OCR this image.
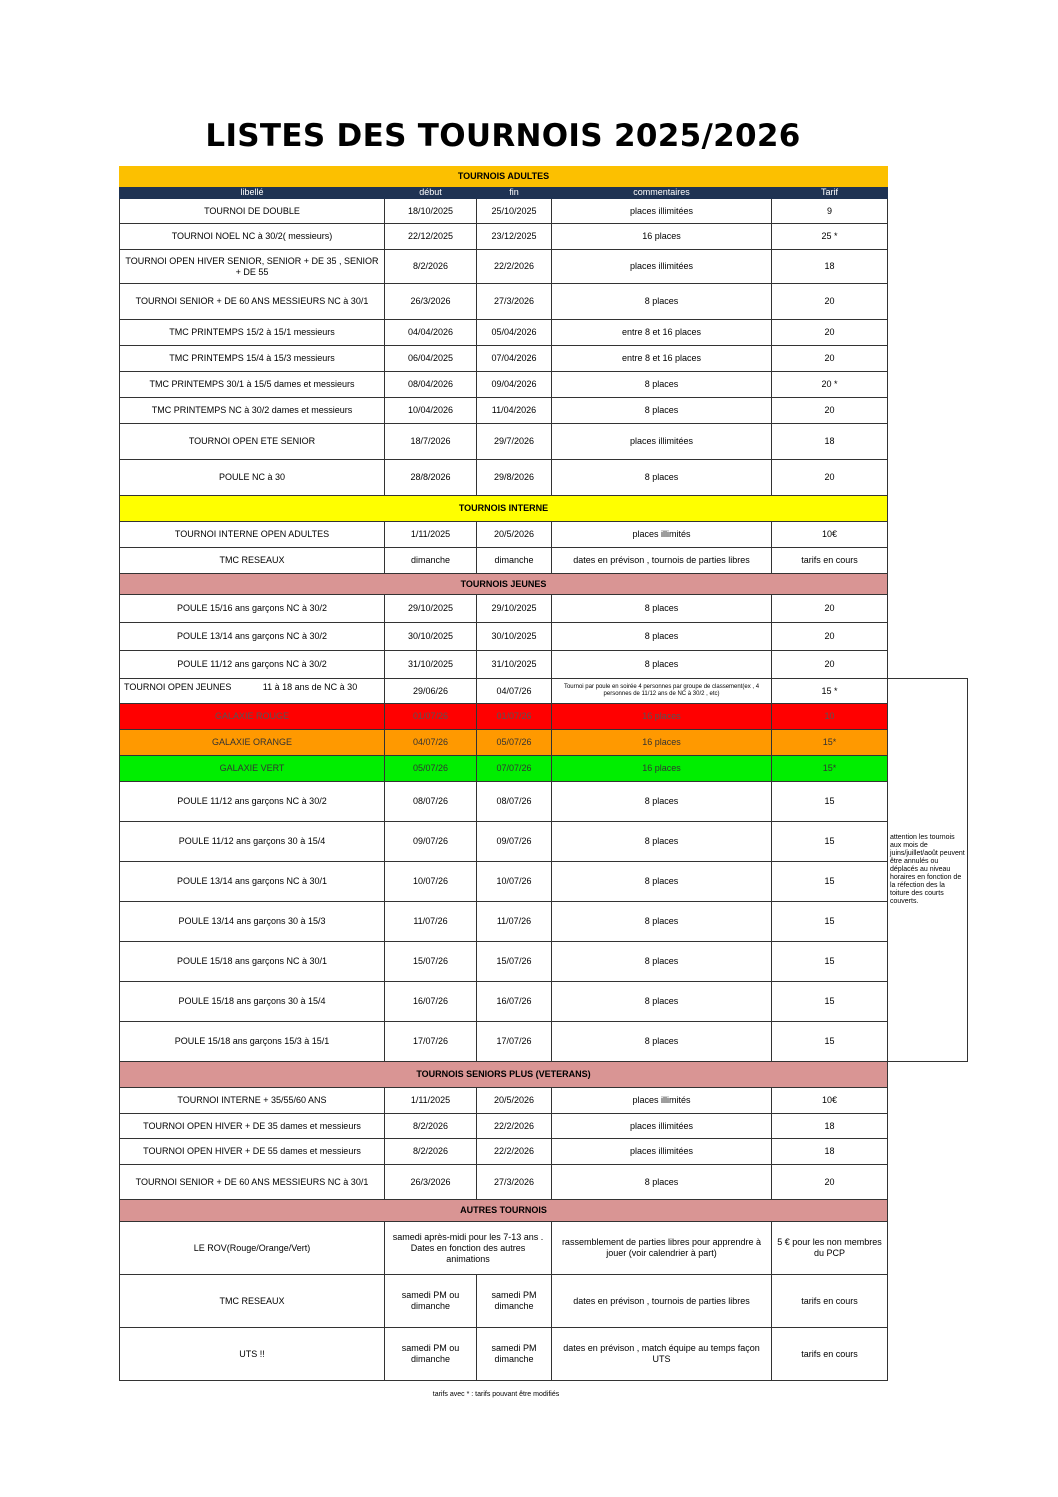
LISTES DES TOURNOIS 2025/2026
TOURNOIS ADULTES					
libellé	début	fin	commentaires	Tarif	
TOURNOI DE DOUBLE	18/10/2025	25/10/2025	places illimitées	9	
TOURNOI NOEL NC à 30/2( messieurs)	22/12/2025	23/12/2025	16 places	25 *	
TOURNOI OPEN HIVER SENIOR, SENIOR + DE 35 , SENIOR + DE 55	8/2/2026	22/2/2026	places illimitées	18	
TOURNOI SENIOR + DE 60 ANS MESSIEURS NC à 30/1	26/3/2026	27/3/2026	8 places	20	
TMC PRINTEMPS 15/2 à 15/1 messieurs	04/04/2026	05/04/2026	entre 8 et 16 places	20	
TMC PRINTEMPS 15/4 à 15/3 messieurs	06/04/2025	07/04/2026	entre 8 et 16 places	20	
TMC PRINTEMPS 30/1 à 15/5 dames et messieurs	08/04/2026	09/04/2026	8 places	20 *	
TMC PRINTEMPS NC à 30/2 dames et messieurs	10/04/2026	11/04/2026	8 places	20	
TOURNOI OPEN ETE SENIOR	18/7/2026	29/7/2026	places illimitées	18	
POULE NC à 30	28/8/2026	29/8/2026	8 places	20	
TOURNOIS INTERNE					
TOURNOI INTERNE OPEN ADULTES	1/11/2025	20/5/2026	places illimités	10€	
TMC RESEAUX	dimanche	dimanche	dates en prévison , tournois de parties libres	tarifs en cours	
TOURNOIS JEUNES					
POULE 15/16 ans garçons NC à 30/2	29/10/2025	29/10/2025	8 places	20	
POULE 13/14 ans garçons NC à 30/2	30/10/2025	30/10/2025	8 places	20	
POULE 11/12 ans garçons NC à 30/2	31/10/2025	31/10/2025	8 places	20	

TOURNOI OPEN JEUNES 11 à 18 ans de NC à 30	29/06/26	04/07/26	Tournoi par poule en soirée 4 personnes par groupe de classement(ex , 4 personnes de 11/12 ans de NC à 30/2 , etc)	15 *	attention les tournois aux mois de juins/juillet/août peuvent être annulés ou déplacés au niveau horaires en fonction de la réfection des la toiture des courts couverts.
GALAXIE ROUGE	01/07/26	01/07/26	16 places	10	
GALAXIE ORANGE	04/07/26	05/07/26	16 places	15*	
GALAXIE VERT	05/07/26	07/07/26	16 places	15*	
POULE 11/12 ans garçons NC à 30/2	08/07/26	08/07/26	8 places	15	
POULE 11/12 ans garçons 30 à 15/4	09/07/26	09/07/26	8 places	15	
POULE 13/14 ans garçons NC à 30/1	10/07/26	10/07/26	8 places	15	
POULE 13/14 ans garçons 30 à 15/3	11/07/26	11/07/26	8 places	15	
POULE 15/18 ans garçons NC à 30/1	15/07/26	15/07/26	8 places	15	
POULE 15/18 ans garçons 30 à 15/4	16/07/26	16/07/26	8 places	15	
POULE 15/18 ans garçons 15/3 à 15/1	17/07/26	17/07/26	8 places	15	
TOURNOIS SENIORS PLUS (VETERANS)					
TOURNOI INTERNE + 35/55/60 ANS	1/11/2025	20/5/2026	places illimités	10€	
TOURNOI OPEN HIVER + DE 35 dames et messieurs	8/2/2026	22/2/2026	places illimitées	18	
TOURNOI OPEN HIVER + DE 55 dames et messieurs	8/2/2026	22/2/2026	places illimitées	18	
TOURNOI SENIOR + DE 60 ANS MESSIEURS NC à 30/1	26/3/2026	27/3/2026	8 places	20	
AUTRES TOURNOIS					
LE ROV(Rouge/Orange/Vert)	samedi après-midi pour les 7-13 ans . Dates en fonction des autres animations		rassemblement de parties libres pour apprendre à jouer (voir calendrier à part)	5 € pour les non membres du PCP	
TMC RESEAUX	samedi PM ou dimanche	samedi PM dimanche	dates en prévison , tournois de parties libres	tarifs en cours	
UTS !!	samedi PM ou dimanche	samedi PM dimanche	dates en prévison , match équipe au temps façon UTS	tarifs en cours	
tarifs avec * : tarifs pouvant être modifiés
